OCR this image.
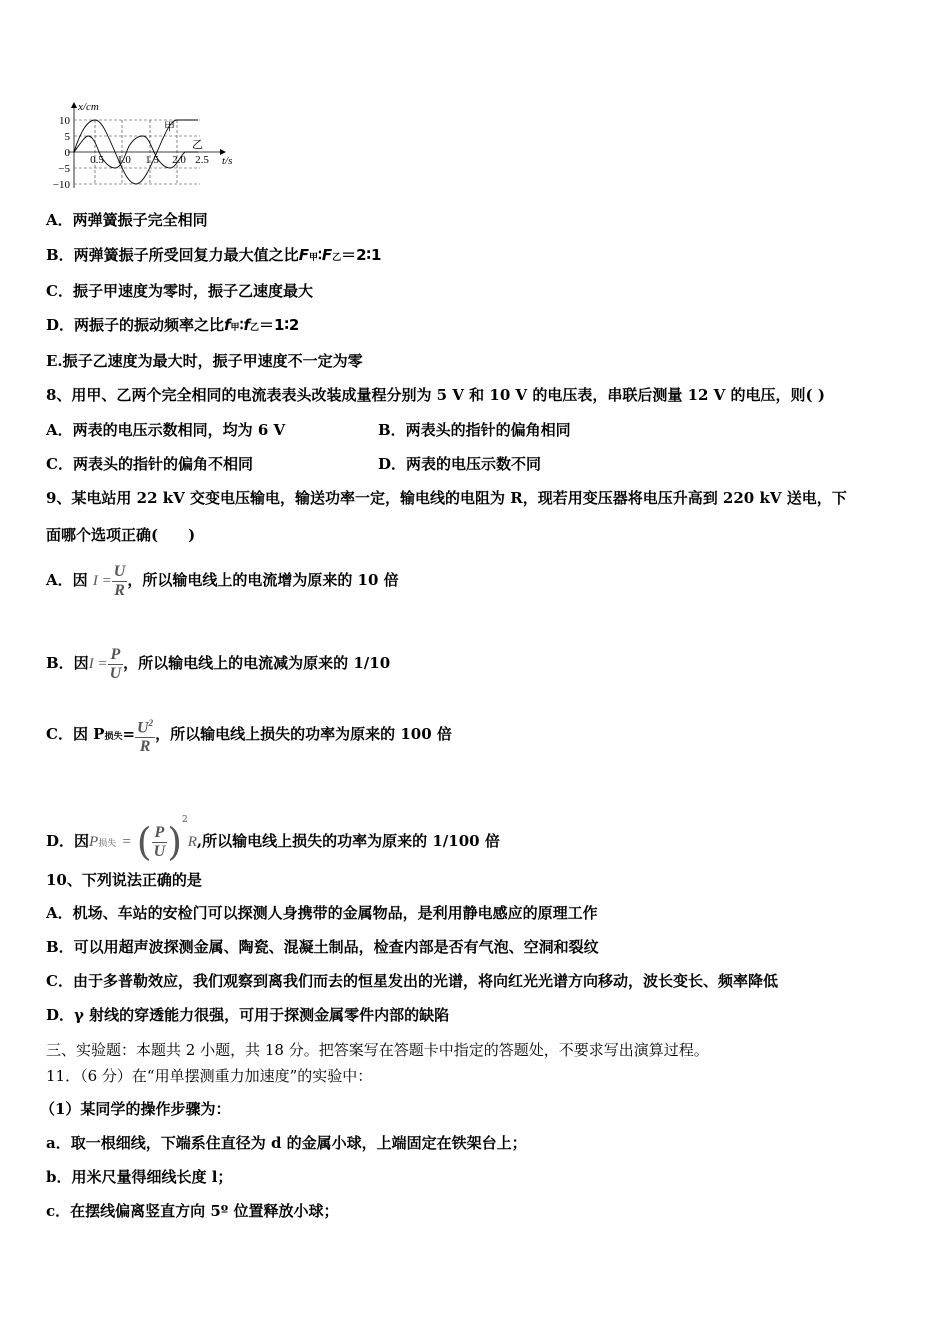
x/cm
10
5
0
−5
−10
0.5 1.0 1.5 2.0 2.5 t/s
甲
乙
A．两弹簧振子完全相同
B．两弹簧振子所受回复力最大值之比F甲∶F乙＝2∶1
C．振子甲速度为零时，振子乙速度最大
D．两振子的振动频率之比f甲∶f乙＝1∶2
E.振子乙速度为最大时，振子甲速度不一定为零
8、用甲、乙两个完全相同的电流表表头改装成量程分别为 5 V 和 10 V 的电压表，串联后测量 12 V 的电压，则( )
A．两表的电压示数相同，均为 6 V	B．两表头的指针的偏角相同
C．两表头的指针的偏角不相同	D．两表的电压示数不同
9、某电站用 22 kV 交变电压输电，输送功率一定，输电线的电阻为 R，现若用变压器将电压升高到 220 kV 送电，下
面哪个选项正确(　　)
A．因 $I = \frac{U}{R}$ ，所以输电线上的电流增为原来的 10 倍
B．因$I = \frac{P}{U}$ ，所以输电线上的电流减为原来的 1/10
C．因 P损失= $\frac{U^2}{R}$ ，所以输电线上损失的功率为原来的 100 倍
D．因P损失 = ( $\frac{P}{U} )^2R$,所以输电线上损失的功率为原来的 1/100 倍
10、下列说法正确的是
A．机场、车站的安检门可以探测人身携带的金属物品，是利用静电感应的原理工作
B．可以用超声波探测金属、陶瓷、混凝土制品，检查内部是否有气泡、空洞和裂纹
C．由于多普勒效应，我们观察到离我们而去的恒星发出的光谱，将向红光光谱方向移动，波长变长、频率降低
D．γ 射线的穿透能力很强，可用于探测金属零件内部的缺陷
三、实验题：本题共 2 小题，共 18 分。把答案写在答题卡中指定的答题处，不要求写出演算过程。
11．（6 分）在“用单摆测重力加速度”的实验中：
（1）某同学的操作步骤为：
a．取一根细线，下端系住直径为 d 的金属小球，上端固定在铁架台上；
b．用米尺量得细线长度 l；
c．在摆线偏离竖直方向 5º 位置释放小球；
